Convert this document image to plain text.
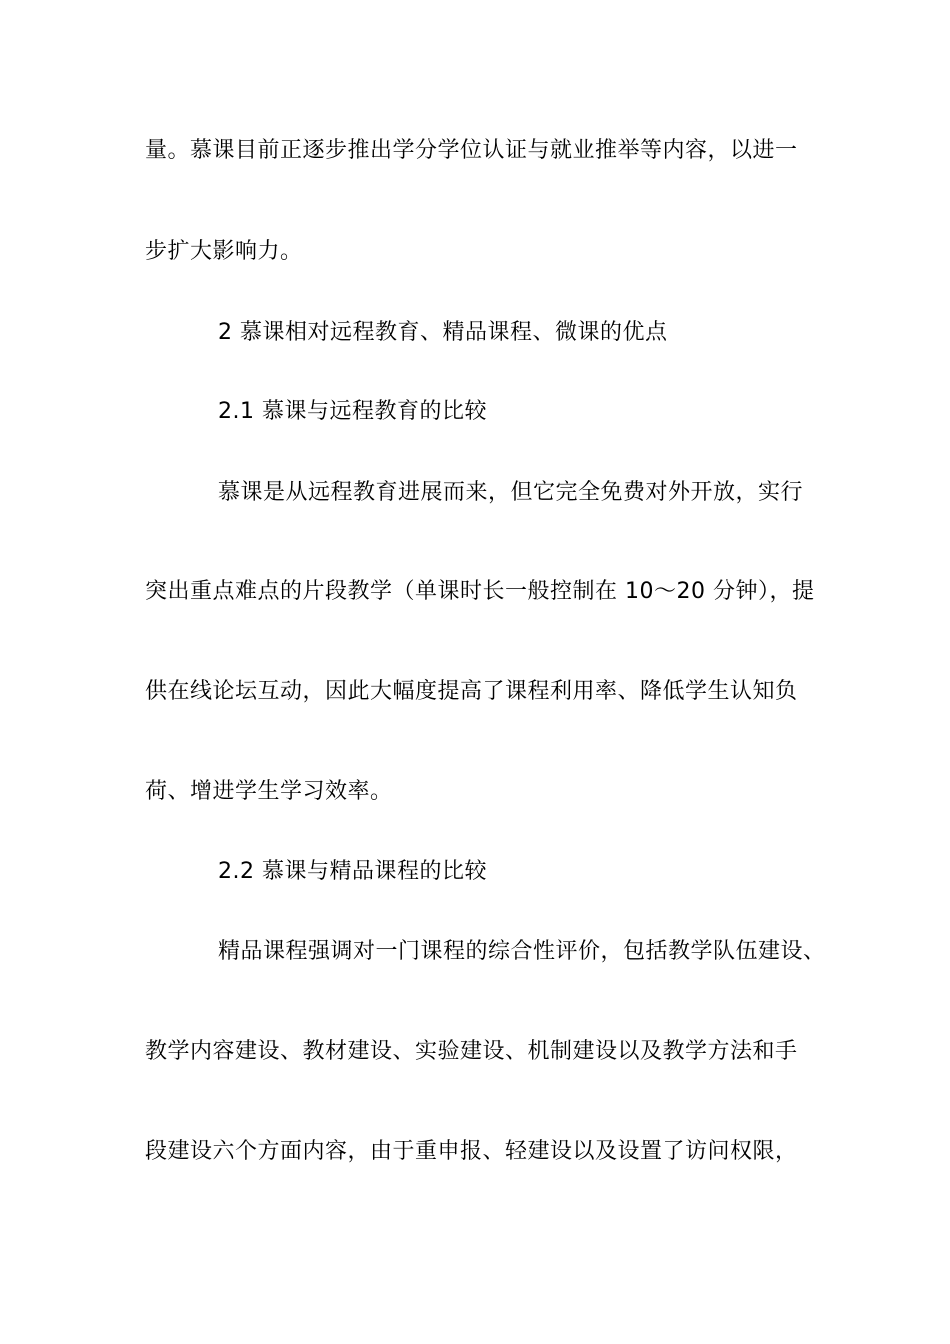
量。慕课目前正逐步推出学分学位认证与就业推举等内容，以进一
步扩大影响力。
2 慕课相对远程教育、精品课程、微课的优点
2.1 慕课与远程教育的比较
慕课是从远程教育进展而来，但它完全免费对外开放，实行
突出重点难点的片段教学（单课时长一般控制在 10～20 分钟），提
供在线论坛互动，因此大幅度提高了课程利用率、降低学生认知负
荷、增进学生学习效率。
2.2 慕课与精品课程的比较
精品课程强调对一门课程的综合性评价，包括教学队伍建设、
教学内容建设、教材建设、实验建设、机制建设以及教学方法和手
段建设六个方面内容，由于重申报、轻建设以及设置了访问权限，
